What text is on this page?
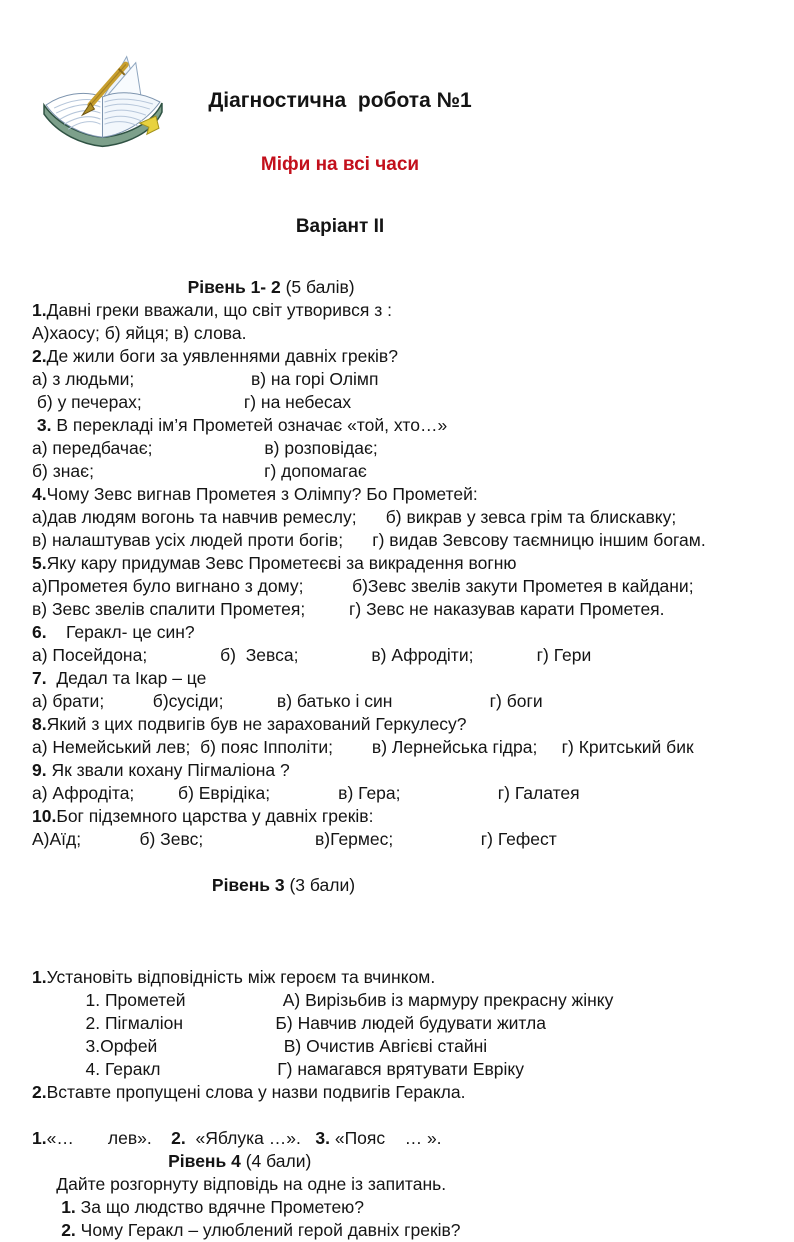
Діагностична  робота №1

Міфи на всі часи

Варіант II

Рівень 1- 2 (5 балів)
1.Давні греки вважали, що світ утворився з :
А)хаосу; б) яйця; в) слова.
2.Де жили боги за уявленнями давніх греків?
а) з людьми;                        в) на горі Олімп
б) у печерах;                     г) на небесах
3. В перекладі ім’я Прометей означає «той, хто…»
а) передбачає;                       в) розповідає;
б) знає;                                   г) допомагає
4.Чому Зевс вигнав Прометея з Олімпу? Бо Прометей:
а)дав людям вогонь та навчив ремеслу;      б) викрав у зевса грім та блискавку;
в) налаштував усіх людей проти богів;      г) видав Зевсову таємницю іншим богам.
5.Яку кару придумав Зевс Прометеєві за викрадення вогню
а)Прометея було вигнано з дому;          б)Зевс звелів закути Прометея в кайдани;
в) Зевс звелів спалити Прометея;         г) Зевс не наказував карати Прометея.
6.    Геракл- це син?
а) Посейдона;               б)  Зевса;               в) Афродіти;             г) Гери
7.  Дедал та Ікар – це
а) брати;          б)сусіди;           в) батько і син                    г) боги
8.Який з цих подвигів був не зарахований Геркулесу?
а) Немейський лев;  б) пояс Іпполіти;        в) Лернейська гідра;     г) Критський бик
9. Як звали кохану Пігмаліона ?
а) Афродіта;         б) Еврідіка;              в) Гера;                    г) Галатея
10.Бог підземного царства у давніх греків:
А)Аїд;            б) Зевс;                       в)Гермес;                  г) Гефест
Рівень 3 (3 бали)
1.Установіть відповідність між героєм та вчинком.
1. Прометей                    А) Вирізьбив із мармуру прекрасну жінку
2. Пігмаліон                   Б) Навчив людей будувати житла
3.Орфей                          В) Очистив Авгієві стайні
4. Геракл                        Г) намагався врятувати Евріку
2.Вставте пропущені слова у назви подвигів Геракла.
1.«…       лев».    2.  «Яблука …».   3. «Пояс    … ».
Рівень 4 (4 бали)
Дайте розгорнуту відповідь на одне із запитань.
1. За що людство вдячне Прометею?
2. Чому Геракл – улюблений герой давніх греків?
